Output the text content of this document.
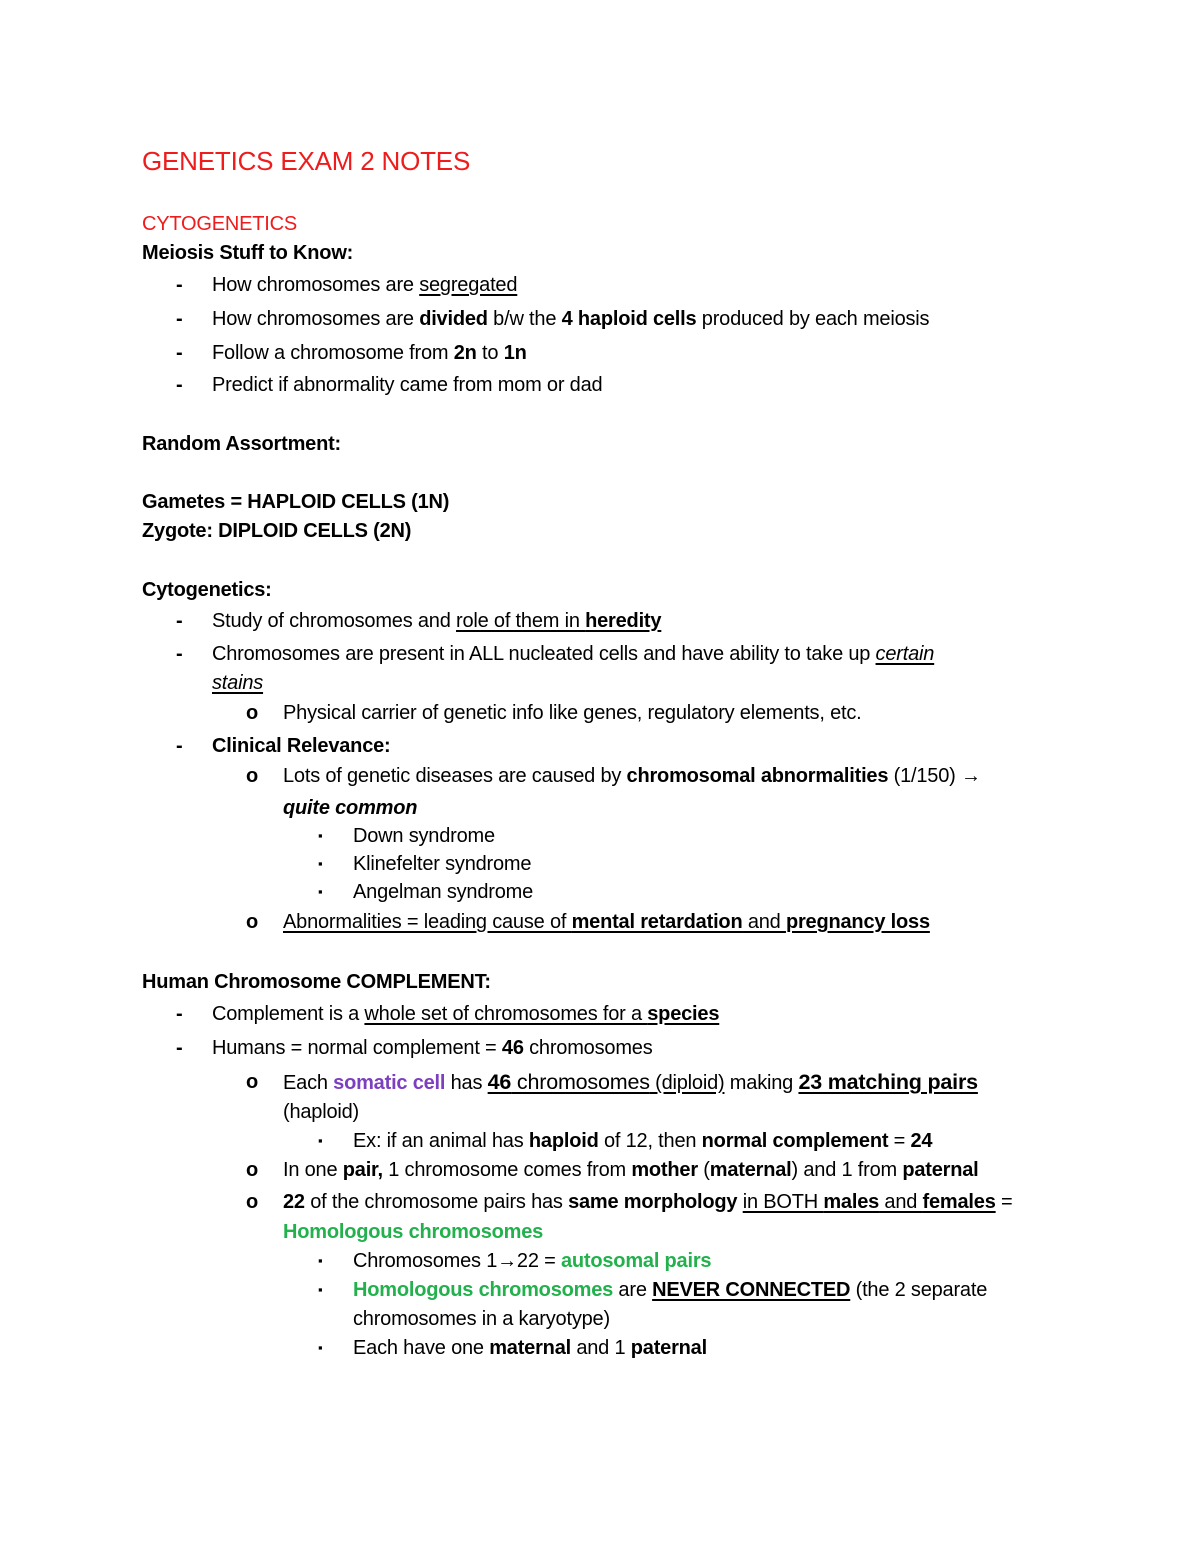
GENETICS EXAM 2 NOTES
CYTOGENETICS
Meiosis Stuff to Know:
- How chromosomes are segregated
- How chromosomes are divided b/w the 4 haploid cells produced by each meiosis
- Follow a chromosome from 2n to 1n
- Predict if abnormality came from mom or dad
Random Assortment:
Gametes = HAPLOID CELLS (1N)
Zygote: DIPLOID CELLS (2N)
Cytogenetics:
- Study of chromosomes and role of them in heredity
- Chromosomes are present in ALL nucleated cells and have ability to take up certain
stains
o Physical carrier of genetic info like genes, regulatory elements, etc.
- Clinical Relevance:
o Lots of genetic diseases are caused by chromosomal abnormalities (1/150) →
quite common
▪ Down syndrome
▪ Klinefelter syndrome
▪ Angelman syndrome
o Abnormalities = leading cause of mental retardation and pregnancy loss
Human Chromosome COMPLEMENT:
- Complement is a whole set of chromosomes for a species
- Humans = normal complement = 46 chromosomes
o Each somatic cell has 46 chromosomes (diploid) making 23 matching pairs
(haploid)
▪ Ex: if an animal has haploid of 12, then normal complement = 24
o In one pair, 1 chromosome comes from mother (maternal) and 1 from paternal
o 22 of the chromosome pairs has same morphology in BOTH males and females =
Homologous chromosomes
▪ Chromosomes 1→22 = autosomal pairs
▪ Homologous chromosomes are NEVER CONNECTED (the 2 separate
chromosomes in a karyotype)
▪ Each have one maternal and 1 paternal
